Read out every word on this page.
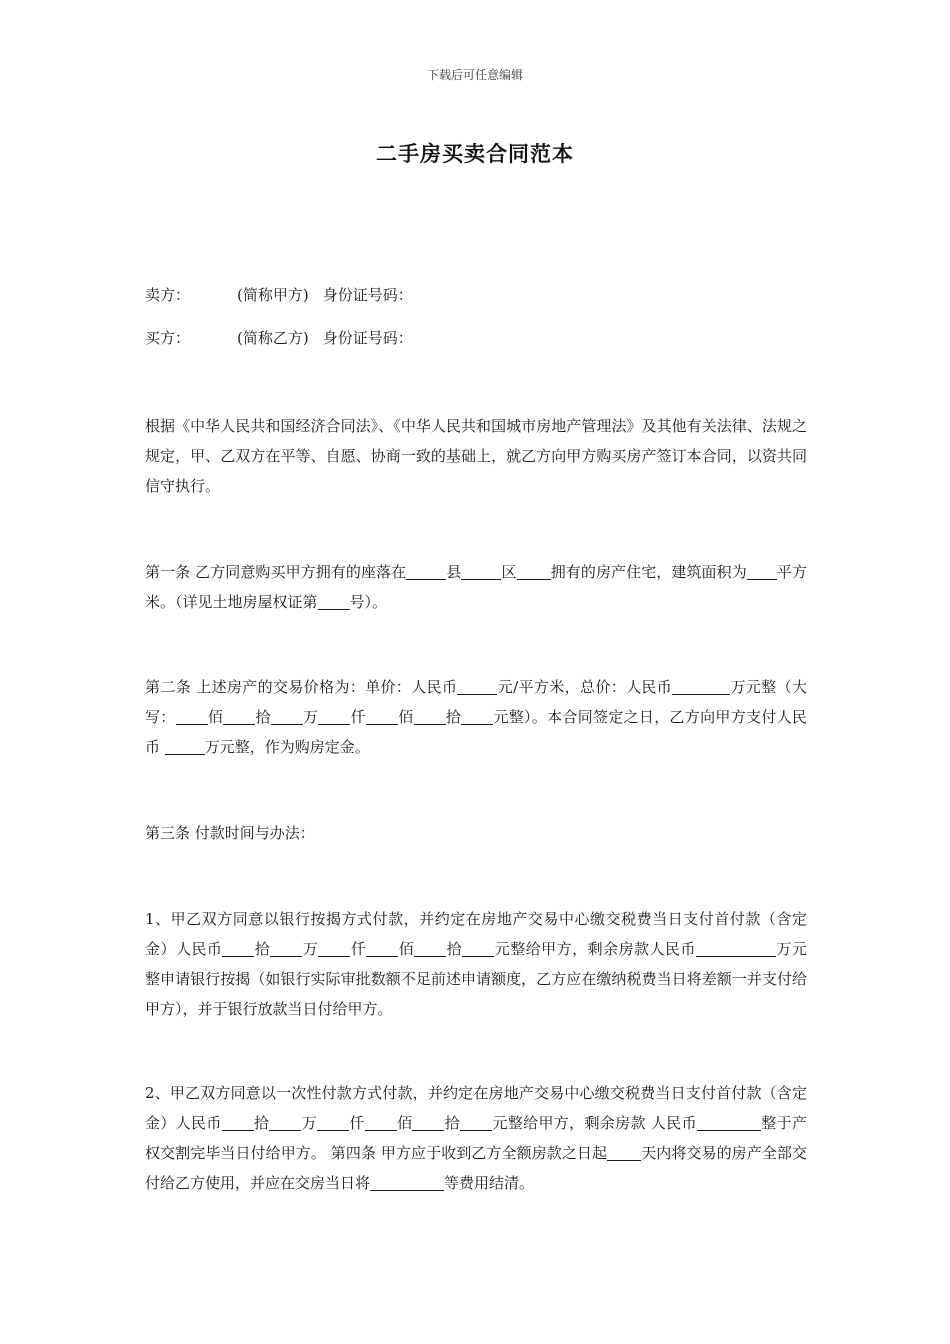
下载后可任意编辑
二手房买卖合同范本
卖方：	(简称甲方) 身份证号码：
买方：	(简称乙方) 身份证号码：

根据《中华人民共和国经济合同法》、《中华人民共和国城市房地产管理法》及其他有关法律、法规之规定，甲、乙双方在平等、自愿、协商一致的基础上，就乙方向甲方购买房产签订本合同，以资共同信守执行。

第一条 乙方同意购买甲方拥有的座落在	县	区 拥有的房产住宅，建筑面积为 平方米。（详见土地房屋权证第 号）。

第二条 上述房产的交易价格为：单价：人民币	元/平方米，总价：人民币	万元整（大写： 佰 拾 万 仟 佰 拾 元整）。本合同签定之日，乙方向甲方支付人民币	万元整，作为购房定金。

第三条 付款时间与办法：

1、甲乙双方同意以银行按揭方式付款，并约定在房地产交易中心缴交税费当日支付首付款（含定金）人民币 拾 万 仟 佰 拾 元整给甲方，剩余房款人民币	万元整申请银行按揭（如银行实际审批数额不足前述申请额度，乙方应在缴纳税费当日将差额一并支付给甲方），并于银行放款当日付给甲方。

2、甲乙双方同意以一次性付款方式付款，并约定在房地产交易中心缴交税费当日支付首付款（含定金）人民币 拾 万 仟 佰 拾 元整给甲方，剩余房款 人民币	整于产权交割完毕当日付给甲方。 第四条 甲方应于收到乙方全额房款之日起 天内将交易的房产全部交付给乙方使用，并应在交房当日将	等费用结清。
